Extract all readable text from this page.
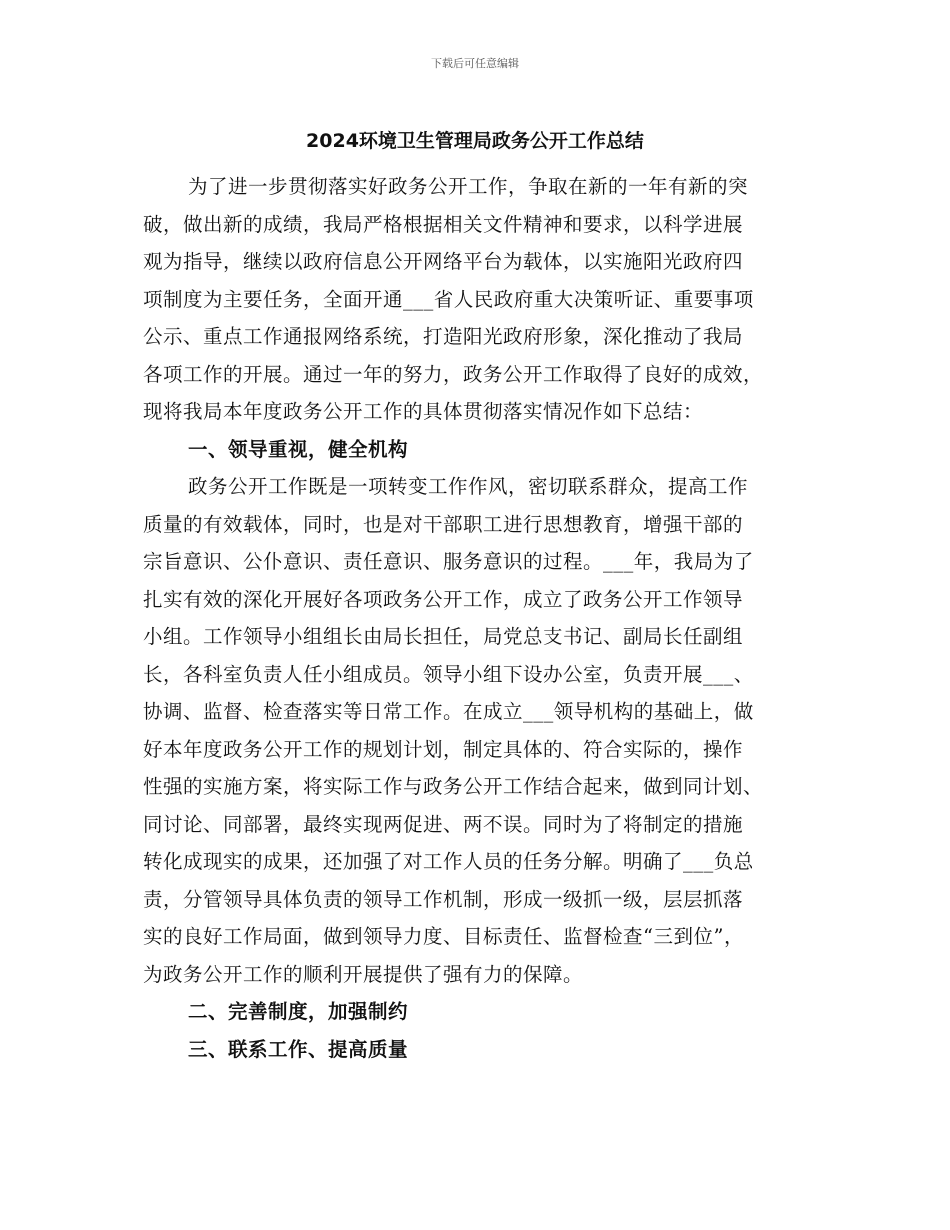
下载后可任意编辑
2024环境卫生管理局政务公开工作总结
为了进一步贯彻落实好政务公开工作，争取在新的一年有新的突
破，做出新的成绩，我局严格根据相关文件精神和要求，以科学进展
观为指导，继续以政府信息公开网络平台为载体，以实施阳光政府四
项制度为主要任务，全面开通___省人民政府重大决策听证、重要事项
公示、重点工作通报网络系统，打造阳光政府形象，深化推动了我局
各项工作的开展。通过一年的努力，政务公开工作取得了良好的成效，
现将我局本年度政务公开工作的具体贯彻落实情况作如下总结：
一、领导重视，健全机构
政务公开工作既是一项转变工作作风，密切联系群众，提高工作
质量的有效载体，同时，也是对干部职工进行思想教育，增强干部的
宗旨意识、公仆意识、责任意识、服务意识的过程。___年，我局为了
扎实有效的深化开展好各项政务公开工作，成立了政务公开工作领导
小组。工作领导小组组长由局长担任，局党总支书记、副局长任副组
长，各科室负责人任小组成员。领导小组下设办公室，负责开展___、
协调、监督、检查落实等日常工作。在成立___领导机构的基础上，做
好本年度政务公开工作的规划计划，制定具体的、符合实际的，操作
性强的实施方案，将实际工作与政务公开工作结合起来，做到同计划、
同讨论、同部署，最终实现两促进、两不误。同时为了将制定的措施
转化成现实的成果，还加强了对工作人员的任务分解。明确了___负总
责，分管领导具体负责的领导工作机制，形成一级抓一级，层层抓落
实的良好工作局面，做到领导力度、目标责任、监督检查“三到位”，
为政务公开工作的顺利开展提供了强有力的保障。
二、完善制度，加强制约
三、联系工作、提高质量
